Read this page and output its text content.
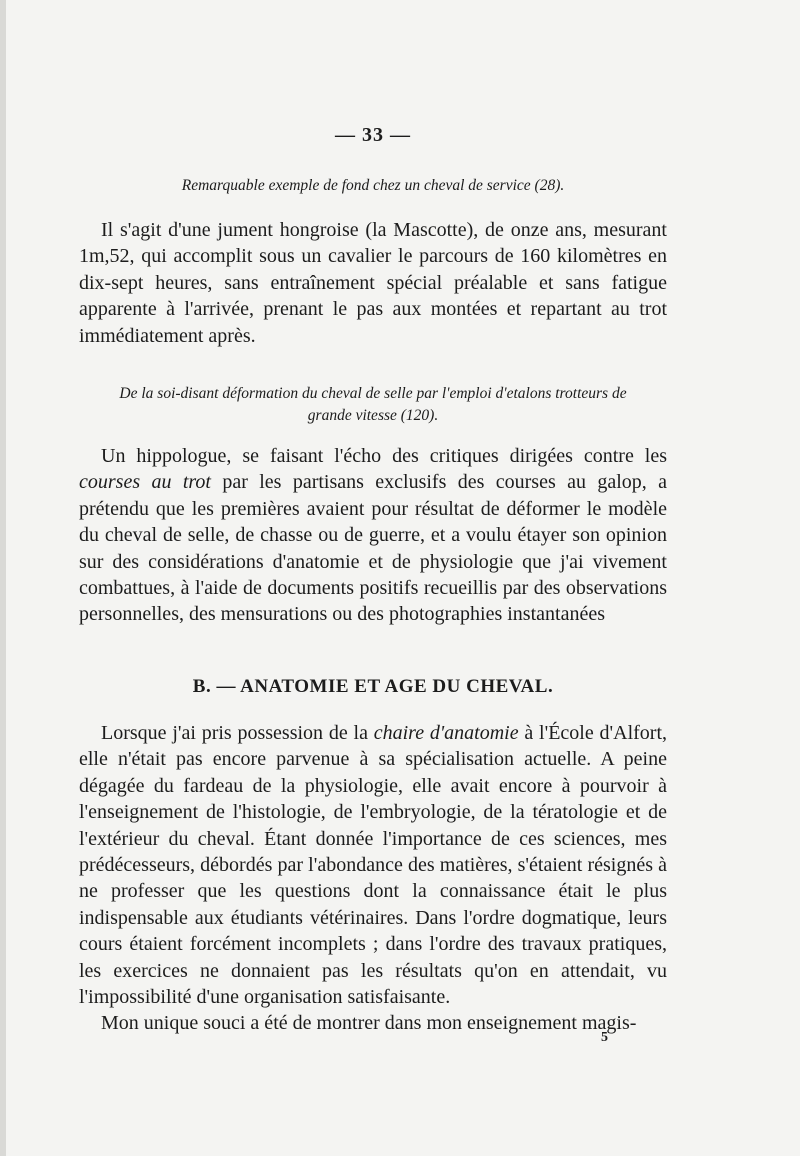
— 33 —

Remarquable exemple de fond chez un cheval de service (28).

Il s'agit d'une jument hongroise (la Mascotte), de onze ans, mesurant 1m,52, qui accomplit sous un cavalier le parcours de 160 kilomètres en dix-sept heures, sans entraînement spécial préalable et sans fatigue apparente à l'arrivée, prenant le pas aux montées et repartant au trot immédiatement après.

De la soi-disant déformation du cheval de selle par l'emploi d'etalons trotteurs de grande vitesse (120).

Un hippologue, se faisant l'écho des critiques dirigées contre les courses au trot par les partisans exclusifs des courses au galop, a prétendu que les premières avaient pour résultat de déformer le modèle du cheval de selle, de chasse ou de guerre, et a voulu étayer son opinion sur des considérations d'anatomie et de physiologie que j'ai vivement combattues, à l'aide de documents positifs recueillis par des observations personnelles, des mensurations ou des photographies instantanées

B. — ANATOMIE ET AGE DU CHEVAL.

Lorsque j'ai pris possession de la chaire d'anatomie à l'École d'Alfort, elle n'était pas encore parvenue à sa spécialisation actuelle. A peine dégagée du fardeau de la physiologie, elle avait encore à pourvoir à l'enseignement de l'histologie, de l'embryologie, de la tératologie et de l'extérieur du cheval. Étant donnée l'importance de ces sciences, mes prédécesseurs, débordés par l'abondance des matières, s'étaient résignés à ne professer que les questions dont la connaissance était le plus indispensable aux étudiants vétérinaires. Dans l'ordre dogmatique, leurs cours étaient forcément incomplets ; dans l'ordre des travaux pratiques, les exercices ne donnaient pas les résultats qu'on en attendait, vu l'impossibilité d'une organisation satisfaisante.

Mon unique souci a été de montrer dans mon enseignement magis-

5
